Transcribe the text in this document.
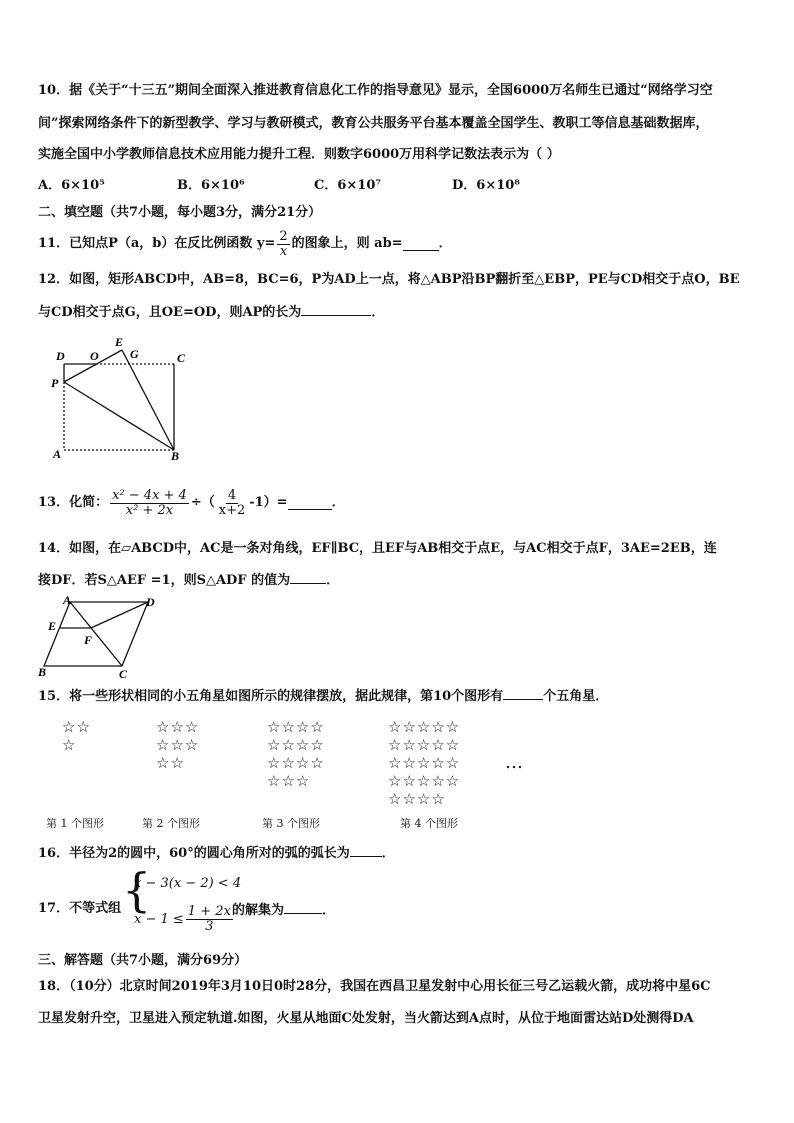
10．据《关于“十三五”期间全面深入推进教育信息化工作的指导意见》显示，全国6000万名师生已通过“网络学习空
间”探索网络条件下的新型教学、学习与教研模式，教育公共服务平台基本覆盖全国学生、教职工等信息基础数据库，
实施全国中小学教师信息技术应用能力提升工程．则数字6000万用科学记数法表示为（ ）
A．6×10⁵	B．6×10⁶	C．6×10⁷	D．6×10⁸
二、填空题（共7小题，每小题3分，满分21分）
11．已知点P（a，b）在反比例函数 $y= \frac{2}{x}$ 的图象上，则 ab=	．
12．如图，矩形ABCD中，AB=8，BC=6，P为AD上一点，将△ABP沿BP翻折至△EBP，PE与CD相交于点O，BE
与CD相交于点G，且OE=OD，则AP的长为	．
D O
E
G	C
P
A	B
13．化简： $\frac{\text{x² − 4x + 4}}{\text{x² + 2x}}$ ÷（ $\frac{4}{x+2} -1)=$	．
14．如图，在▱ABCD中，AC是一条对角线，EF∥BC，且EF与AB相交于点E，与AC相交于点F，3AE=2EB，连
接DF．若S△AEF =1，则S△ADF 的值为	．
A	D
E
F
B	C
15．将一些形状相同的小五角星如图所示的规律摆放，据此规律，第10个图形有	个五角星．
☆☆
☆
☆☆☆
☆☆☆
☆☆
☆☆☆☆
☆☆☆☆
☆☆☆☆
☆☆☆
☆☆☆☆☆
☆☆☆☆☆
☆☆☆☆☆
☆☆☆☆☆
☆☆☆☆
…
第 1 个图形	第 2 个图形	第 3 个图形	第 4 个图形
16．半径为2的圆中，60°的圆心角所对的弧的弧长为 ．
17．不等式组 {
x − 3(x − 2) < 4
$x - 1 \le \frac{1 + 2x}{3}$ 的解集为	．
三、解答题（共7小题，满分69分）
18．（10分）北京时间2019年3月10日0时28分，我国在西昌卫星发射中心用长征三号乙运载火箭，成功将中星6C
卫星发射升空，卫星进入预定轨道.如图，火星从地面C处发射，当火箭达到A点时，从位于地面雷达站D处测得DA
